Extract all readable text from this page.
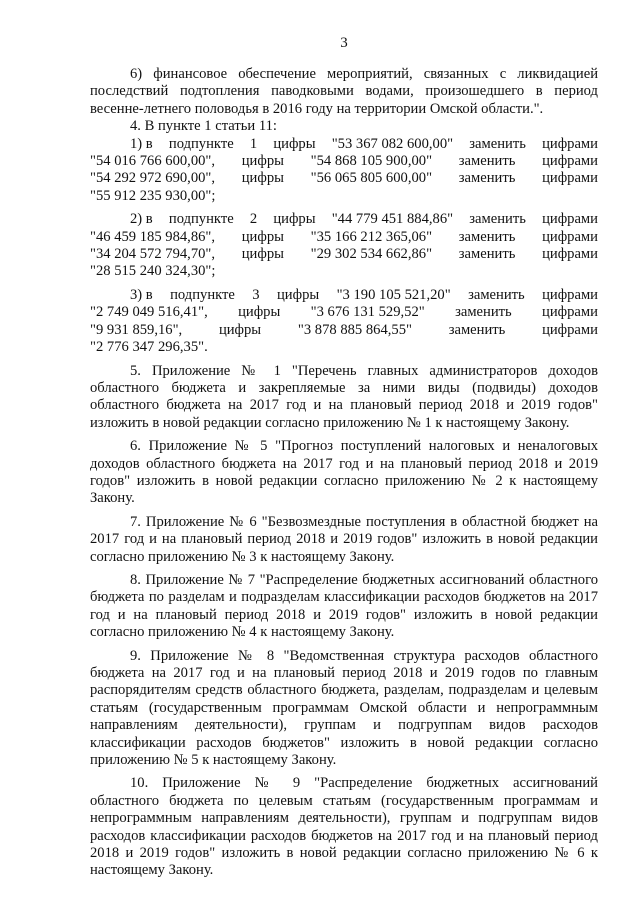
3

6) финансовое обеспечение мероприятий, связанных с ликвидацией последствий подтопления паводковыми водами, произошедшего в период весенне-летнего половодья в 2016 году на территории Омской области.".

4. В пункте 1 статьи 11:

1) в подпункте 1 цифры "53 367 082 600,00" заменить цифрами
"54 016 766 600,00", цифры "54 868 105 900,00" заменить цифрами
"54 292 972 690,00", цифры "56 065 805 600,00" заменить цифрами
"55 912 235 930,00";
2) в подпункте 2 цифры "44 779 451 884,86" заменить цифрами
"46 459 185 984,86", цифры "35 166 212 365,06" заменить цифрами
"34 204 572 794,70", цифры "29 302 534 662,86" заменить цифрами
"28 515 240 324,30";
3) в подпункте 3 цифры "3 190 105 521,20" заменить цифрами
"2 749 049 516,41", цифры "3 676 131 529,52" заменить цифрами
"9 931 859,16",	цифры	"3 878 885 864,55"	заменить	цифрами
"2 776 347 296,35".

5. Приложение № 1 "Перечень главных администраторов доходов областного бюджета и закрепляемые за ними виды (подвиды) доходов областного бюджета на 2017 год и на плановый период 2018 и 2019 годов" изложить в новой редакции согласно приложению № 1 к настоящему Закону.

6. Приложение № 5 "Прогноз поступлений налоговых и неналоговых доходов областного бюджета на 2017 год и на плановый период 2018 и 2019 годов" изложить в новой редакции согласно приложению № 2 к настоящему Закону.

7. Приложение № 6 "Безвозмездные поступления в областной бюджет на 2017 год и на плановый период 2018 и 2019 годов" изложить в новой редакции согласно приложению № 3 к настоящему Закону.

8. Приложение № 7 "Распределение бюджетных ассигнований областного бюджета по разделам и подразделам классификации расходов бюджетов на 2017 год и на плановый период 2018 и 2019 годов" изложить в новой редакции согласно приложению № 4 к настоящему Закону.

9. Приложение № 8 "Ведомственная структура расходов областного бюджета на 2017 год и на плановый период 2018 и 2019 годов по главным распорядителям средств областного бюджета, разделам, подразделам и целевым статьям (государственным программам Омской области и непрограммным направлениям деятельности), группам и подгруппам видов расходов классификации расходов бюджетов" изложить в новой редакции согласно приложению № 5 к настоящему Закону.

10. Приложение № 9 "Распределение бюджетных ассигнований областного бюджета по целевым статьям (государственным программам и непрограммным направлениям деятельности), группам и подгруппам видов расходов классификации расходов бюджетов на 2017 год и на плановый период 2018 и 2019 годов" изложить в новой редакции согласно приложению № 6 к настоящему Закону.
